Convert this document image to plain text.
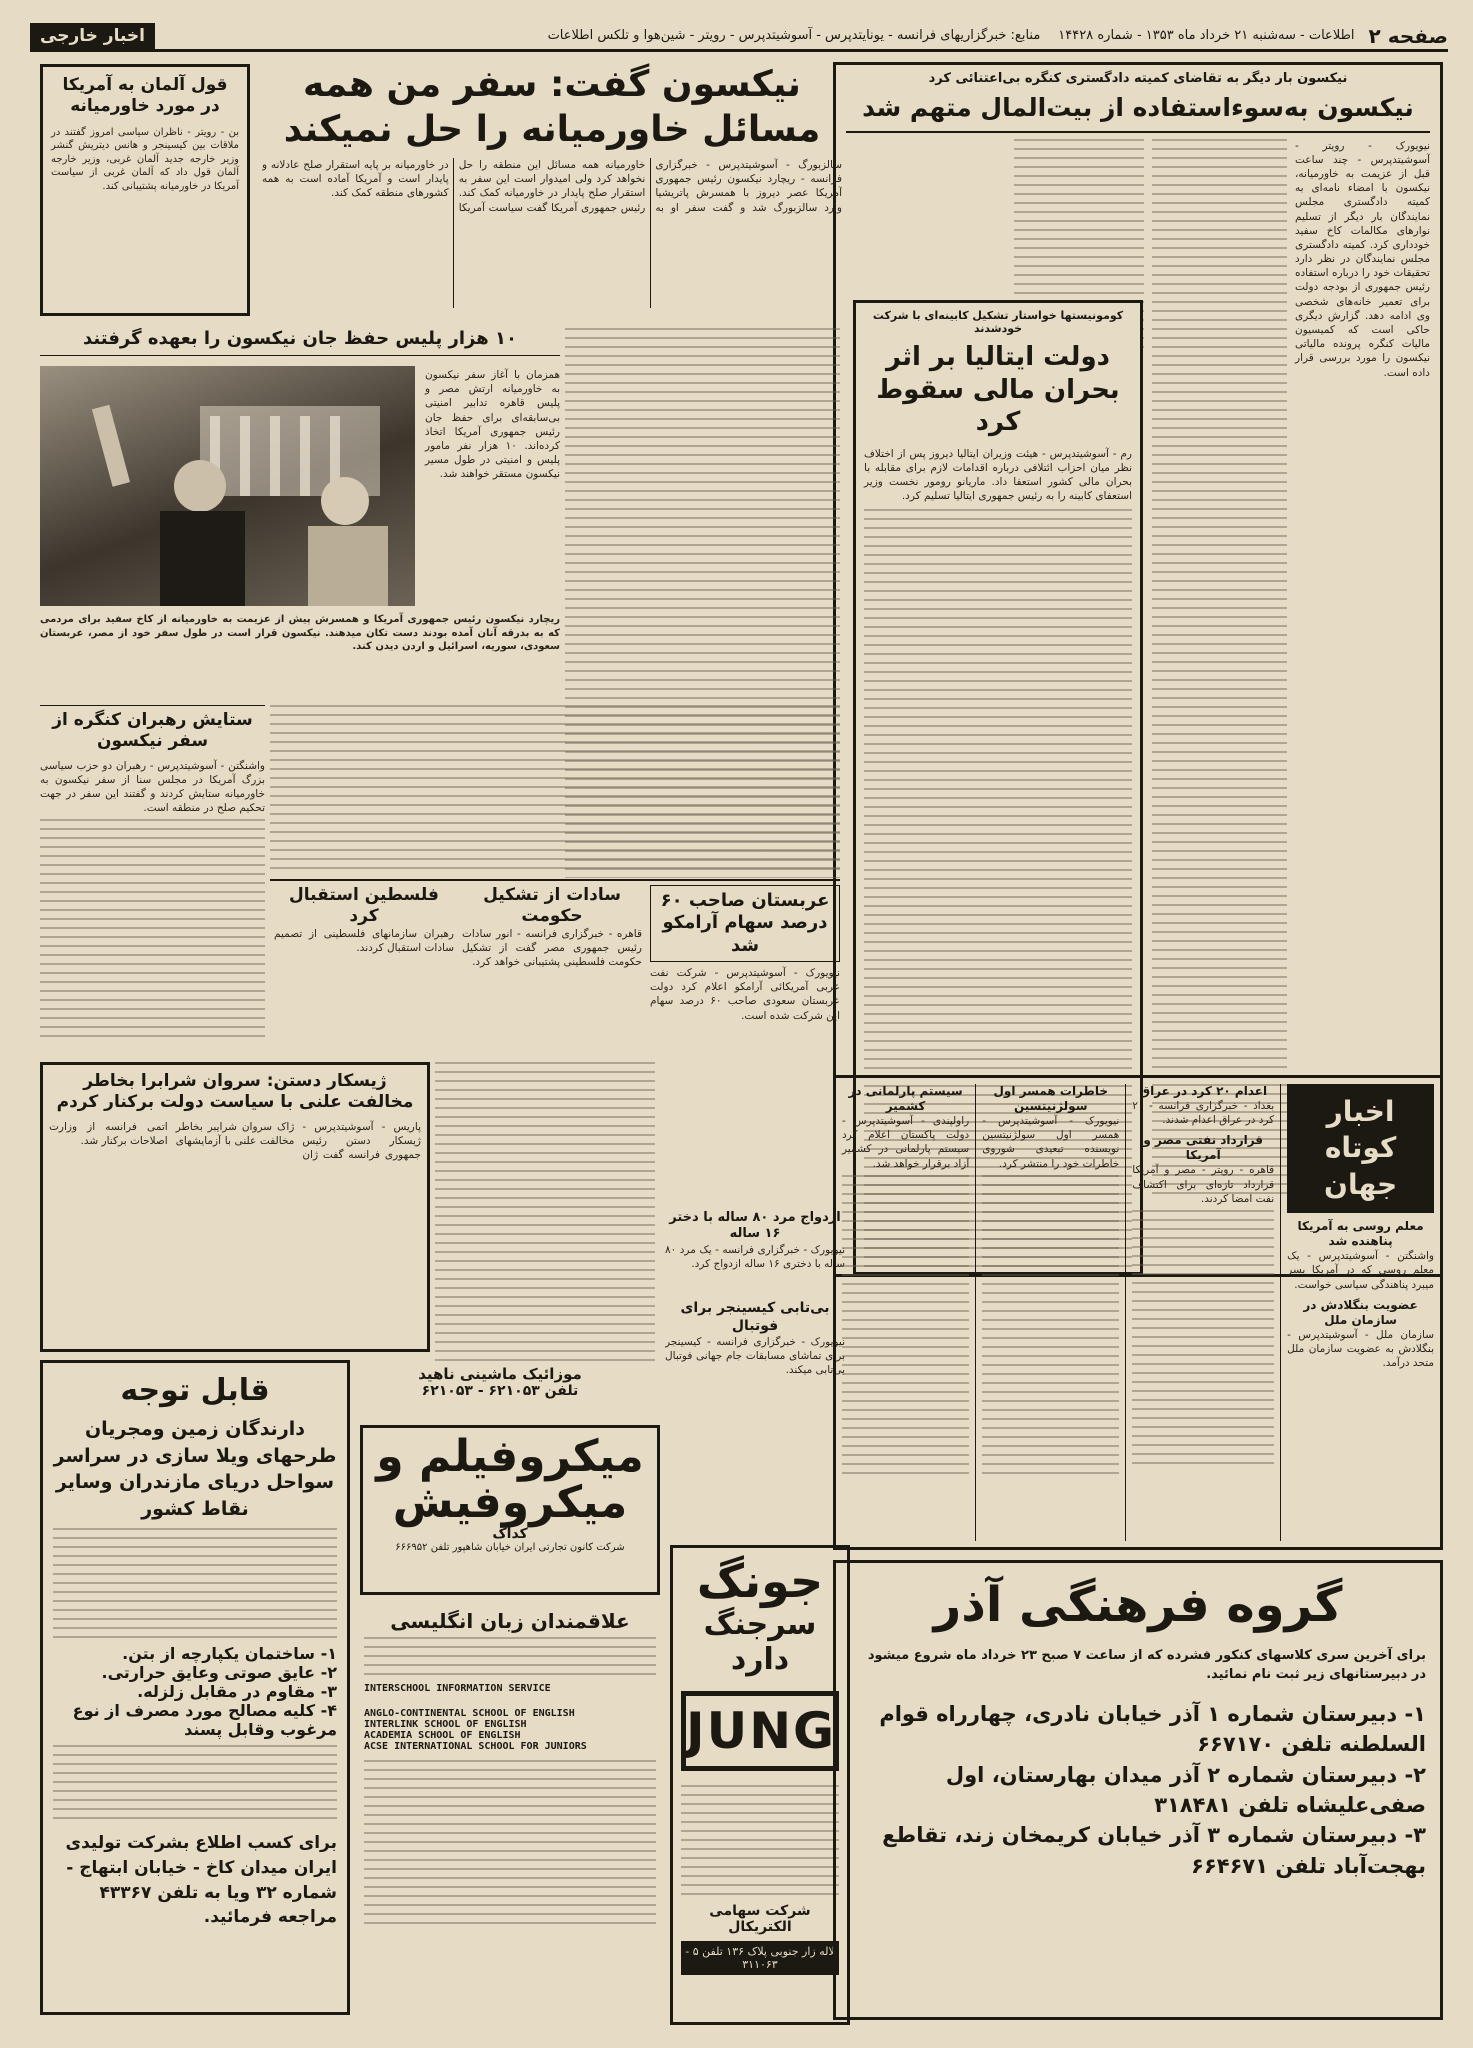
صفحه ۲
اطلاعات - سه‌شنبه ۲۱ خرداد ماه ۱۳۵۳ - شماره ۱۴۴۲۸
منابع: خبرگزاریهای فرانسه - یونایتدپرس - آسوشیتدپرس - رویتر - شین‌هوا و تلکس اطلاعات
اخبار خارجی
نیکسون بار دیگر به تقاضای کمیته دادگستری کنگره بی‌اعتنائی کرد
نیکسون به‌سوء‌استفاده از بیت‌المال متهم شد
نیویورک - رویتر - آسوشیتدپرس - چند ساعت قبل از عزیمت به خاورمیانه، نیکسون با امضاء نامه‌ای به کمیته دادگستری مجلس نمایندگان بار دیگر از تسلیم نوارهای مکالمات کاخ سفید خودداری کرد. کمیته دادگستری مجلس نمایندگان در نظر دارد تحقیقات خود را درباره استفاده رئیس جمهوری از بودجه دولت برای تعمیر خانه‌های شخصی وی ادامه دهد. گزارش دیگری حاکی است که کمیسیون مالیات کنگره پرونده مالیاتی نیکسون را مورد بررسی قرار داده است.
کومونیستها خواستار تشکیل کابینه‌ای با شرکت خودشدند
دولت ایتالیا بر اثر بحران مالی سقوط کرد
رم - آسوشیتدپرس - هیئت وزیران ایتالیا دیروز پس از اختلاف نظر میان احزاب ائتلافی درباره اقدامات لازم برای مقابله با بحران مالی کشور استعفا داد. ماریانو رومور نخست وزیر استعفای کابینه را به رئیس جمهوری ایتالیا تسلیم کرد.
قول آلمان به آمریکا در مورد خاورمیانه
بن - رویتر - ناظران سیاسی امروز گفتند در ملاقات بین کیسینجر و هانس دیتریش گنشر وزیر خارجه جدید آلمان غربی، وزیر خارجه آلمان قول داد که آلمان غربی از سیاست آمریکا در خاورمیانه پشتیبانی کند.
نیکسون گفت: سفر من همه
مسائل خاورمیانه را حل نمیکند
سالزبورگ - آسوشیتدپرس - خبرگزاری فرانسه - ریچارد نیکسون رئیس جمهوری آمریکا عصر دیروز با همسرش پاتریشیا وارد سالزبورگ شد و گفت سفر او به خاورمیانه همه مسائل این منطقه را حل نخواهد کرد ولی امیدوار است این سفر به استقرار صلح پایدار در خاورمیانه کمک کند. رئیس جمهوری آمریکا گفت سیاست آمریکا در خاورمیانه بر پایه استقرار صلح عادلانه و پایدار است و آمریکا آماده است به همه کشورهای منطقه کمک کند.
۱۰ هزار پلیس حفظ جان نیکسون را بعهده گرفتند
همزمان با آغاز سفر نیکسون به خاورمیانه ارتش مصر و پلیس قاهره تدابیر امنیتی بی‌سابقه‌ای برای حفظ جان رئیس جمهوری آمریکا اتخاذ کرده‌اند. ۱۰ هزار نفر مامور پلیس و امنیتی در طول مسیر نیکسون مستقر خواهند شد.
ریچارد نیکسون رئیس جمهوری آمریکا و همسرش پیش از عزیمت به خاورمیانه از کاخ سفید برای مردمی که به بدرقه آنان آمده بودند دست تکان میدهند. نیکسون قرار است در طول سفر خود از مصر، عربستان سعودی، سوریه، اسرائیل و اردن دیدن کند.
ستایش رهبران کنگره از سفر نیکسون
واشنگتن - آسوشیتدپرس - رهبران دو حزب سیاسی بزرگ آمریکا در مجلس سنا از سفر نیکسون به خاورمیانه ستایش کردند و گفتند این سفر در جهت تحکیم صلح در منطقه است.
عربستان صاحب ۶۰ درصد سهام آرامکو شد
نیویورک - آسوشیتدپرس - شرکت نفت عربی آمریکائی آرامکو اعلام کرد دولت عربستان سعودی صاحب ۶۰ درصد سهام این شرکت شده است.
سادات از تشکیل حکومت
قاهره - خبرگزاری فرانسه - انور سادات رئیس جمهوری مصر گفت از تشکیل حکومت فلسطینی پشتیبانی خواهد کرد.
فلسطین استقبال کرد
رهبران سازمانهای فلسطینی از تصمیم سادات استقبال کردند.
ژیسکار دستن: سروان شرابرا بخاطر مخالفت علنی با سیاست دولت برکنار کردم
پاریس - آسوشیتدپرس - ژیسکار دستن رئیس جمهوری فرانسه گفت ژان ژاک سروان شرایبر بخاطر مخالفت علنی با آزمایشهای اتمی فرانسه از وزارت اصلاحات برکنار شد.
بی‌تابی کیسینجر برای فوتبال
نیویورک - خبرگزاری فرانسه - کیسینجر برای تماشای مسابقات جام جهانی فوتبال بی‌تابی میکند.
ازدواج مرد ۸۰ ساله با دختر ۱۶ ساله
نیویورک - خبرگزاری فرانسه - یک مرد ۸۰ ساله با دختری ۱۶ ساله ازدواج کرد.
اخبار کوتاه جهان
معلم روسی به آمریکا پناهنده شد
واشنگتن - آسوشیتدپرس - یک معلم روسی که در آمریکا بسر میبرد پناهندگی سیاسی خواست.
عضویت بنگلادش در سازمان ملل
سازمان ملل - آسوشیتدپرس - بنگلادش به عضویت سازمان ملل متحد درآمد.
اعدام ۲۰ کرد در عراق
بغداد - خبرگزاری فرانسه - ۲۰ کرد در عراق اعدام شدند.
قرارداد نفتی مصر و آمریکا
قاهره - رویتر - مصر و آمریکا قرارداد تازه‌ای برای اکتشاف نفت امضا کردند.
خاطرات همسر اول سولژنیتسین
نیویورک - آسوشیتدپرس - همسر اول سولژنیتسین نویسنده تبعیدی شوروی خاطرات خود را منتشر کرد.
سیستم پارلمانی در کشمیر
راولپندی - آسوشیتدپرس - دولت پاکستان اعلام کرد سیستم پارلمانی در کشمیر آزاد برقرار خواهد شد.
قابل توجه
دارندگان زمین ومجریان طرحهای ویلا سازی در سراسر سواحل دریای مازندران وسایر نقاط کشور
۱- ساختمان یکپارچه از بتن.
۲- عایق صوتی وعایق حرارتی.
۳- مقاوم در مقابل زلزله.
۴- کلیه مصالح مورد مصرف از نوع مرغوب وقابل پسند
برای کسب اطلاع بشرکت تولیدی ایران میدان کاخ - خیابان ابتهاج - شماره ۳۲ ویا به تلفن ۴۳۳۶۷ مراجعه فرمائید.
موزائیک ماشینی ناهید
تلفن ۶۲۱۰۵۳ - ۶۲۱۰۵۳
میکروفیلم و
میکروفیش
کداک
شرکت کانون تجارتی ایران خیابان شاهپور تلفن ۶۶۶۹۵۲
علاقمندان زبان انگلیسی
INTERSCHOOL INFORMATION SERVICE
ANGLO-CONTINENTAL SCHOOL OF ENGLISH
INTERLINK SCHOOL OF ENGLISH
ACADEMIA SCHOOL OF ENGLISH
ACSE INTERNATIONAL SCHOOL FOR JUNIORS
جونگ
سرجنگ دارد
JUNG
شرکت سهامی الکتریکال
لاله زار جنوبی پلاک ۱۳۶ تلفن ۵ - ۳۱۱۰۶۳
گروه فرهنگی آذر
برای آخرین سری کلاسهای کنکور فشرده که از ساعت ۷ صبح ۲۳ خرداد ماه شروع میشود در دبیرستانهای زیر ثبت نام نمائید.
۱- دبیرستان شماره ۱ آذر خیابان نادری، چهارراه قوام السلطنه تلفن ۶۶۷۱۷۰
۲- دبیرستان شماره ۲ آذر میدان بهارستان، اول صفی‌علیشاه تلفن ۳۱۸۴۸۱
۳- دبیرستان شماره ۳ آذر خیابان کریمخان زند، تقاطع بهجت‌آباد تلفن ۶۶۴۶۷۱
